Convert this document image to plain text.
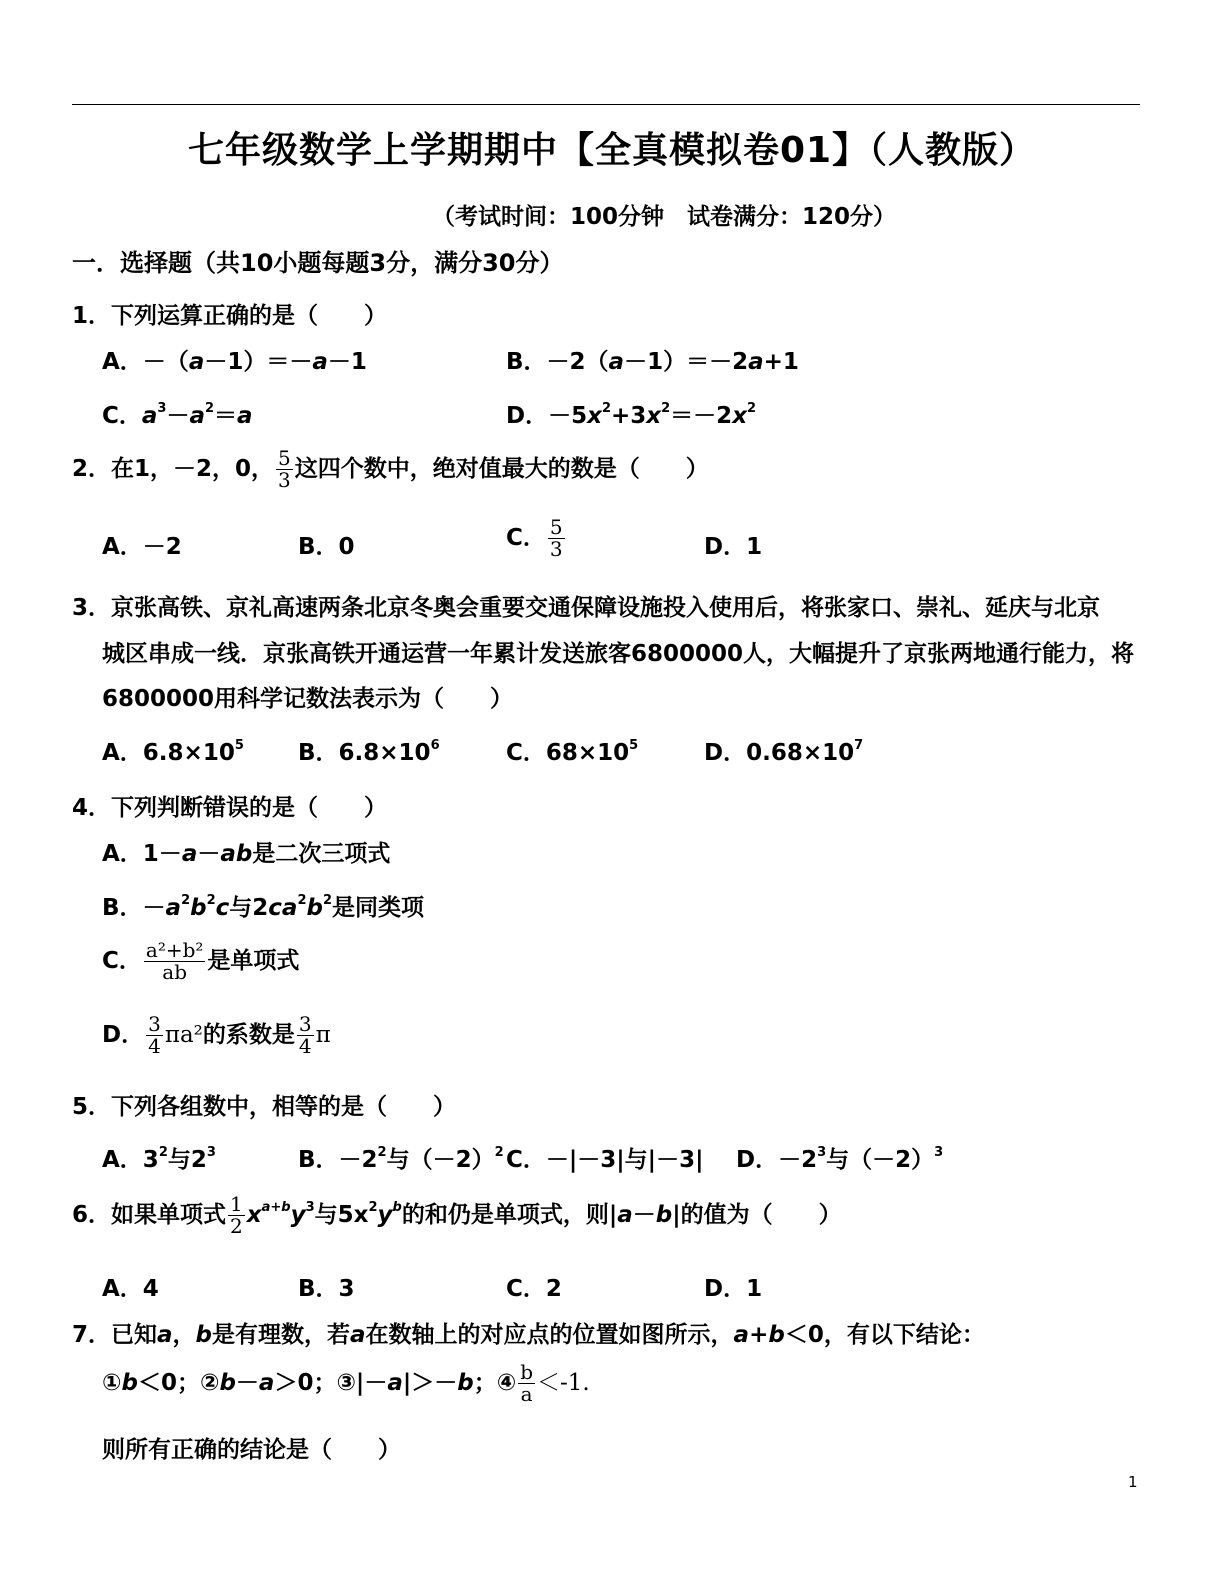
七年级数学上学期期中【全真模拟卷01】（人教版）
（考试时间：100分钟　试卷满分：120分）
一．选择题（共10小题每题3分，满分30分）
1．下列运算正确的是（　　）
A．－（a－1）＝－a－1	B．－2（a－1）＝－2a+1
C．$a^3-a^2=a$	D．$-5x^2+3x^2=-2x^2$
2．在1，－2，0， $\frac{5}{3}$ 这四个数中，绝对值最大的数是（　　）
A．－2	B．0	C． $\frac{5}{3}$	D．1
3．京张高铁、京礼高速两条北京冬奥会重要交通保障设施投入使用后，将张家口、崇礼、延庆与北京
城区串成一线．京张高铁开通运营一年累计发送旅客6800000人，大幅提升了京张两地通行能力，将
6800000用科学记数法表示为（　　）
A．$6.8\times 10^5$ B．$6.8\times 10^6$	C．$68\times 10^5$	D．$0.68\times 10^7$
4．下列判断错误的是（　　）
A．1－a－ab是二次三项式
B．$-a^2b^2c$与$2ca^2b^2$是同类项
C． $\frac{\text{a²+b²}}{ab}$ 是单项式
D． $\frac{3}{4} \pi a^2$的系数是 $\frac{3}{4}$ π
5．下列各组数中，相等的是（　　）
A．$3^2$与$2^3$	B．$-2^2$与$(-2)^2$ C．－|－3|与|－3| D．$-2^3$与$(-2)^3$
6．如果单项式 $\frac{1}{2} x^{a+b}y^3$与$5x^2y^b$的和仍是单项式，则|a－b|的值为（　　）
A．4	B．3	C．2	D．1
7．已知a，b是有理数，若a在数轴上的对应点的位置如图所示，a+b＜0，有以下结论：
①b＜0；②b－a＞0；③|－a|＞－b；④ $\frac{b}{a} <-1$.
则所有正确的结论是（　　）
1
